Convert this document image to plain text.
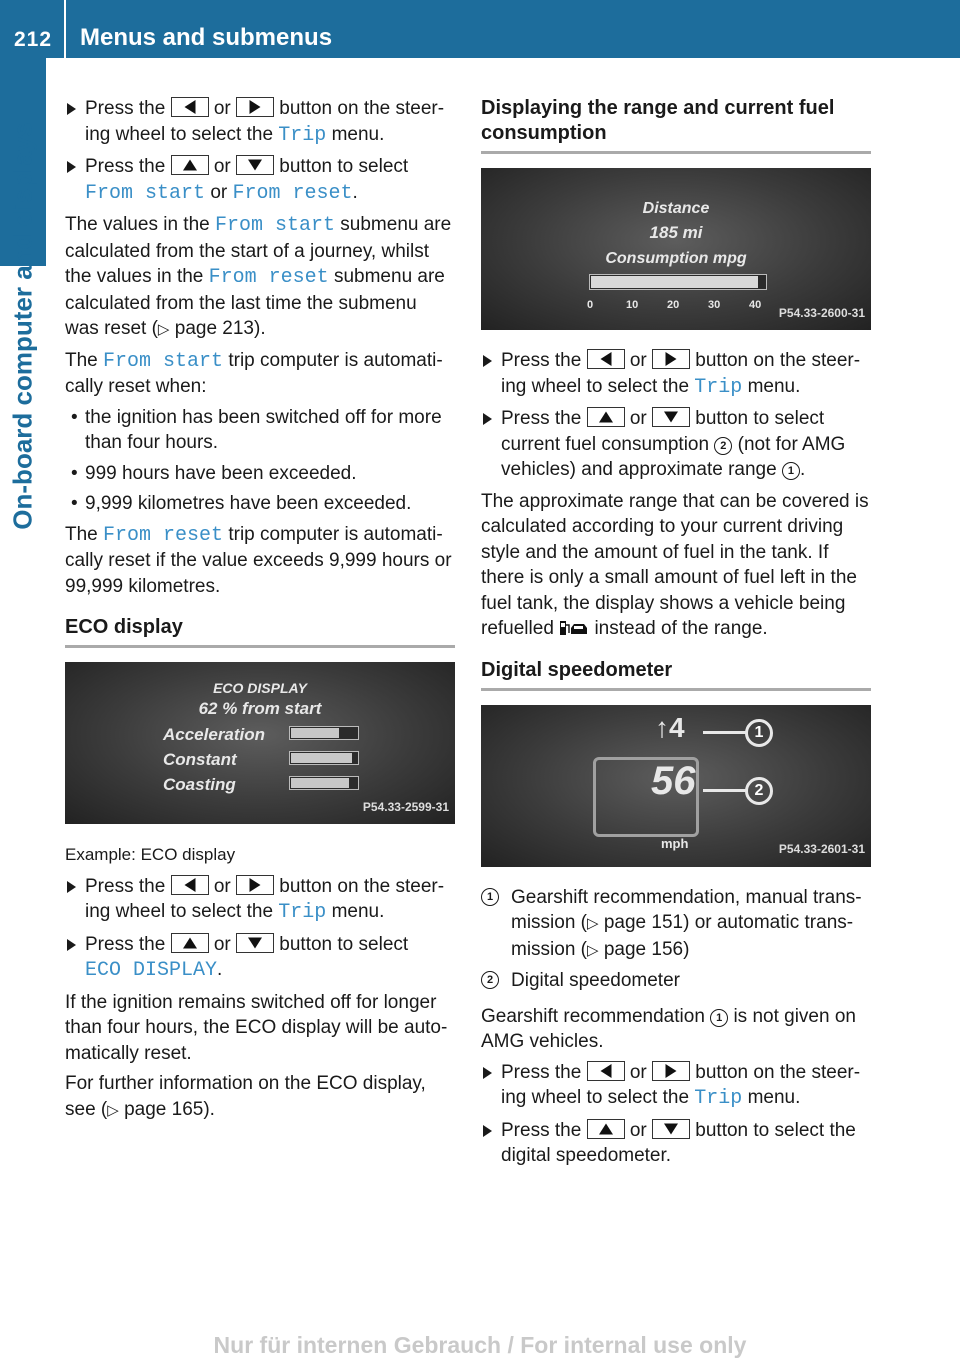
212 Menus and submenus
On-board computer and displays
Press the	or	button on the steer- ing wheel to select the Trip menu.
Press the	or	button to select
From start or From reset.

The values in the From start submenu are calculated from the start of a journey, whilst the values in the From reset submenu are calculated from the last time the submenu was reset (▷ page 213).

The From start trip computer is automati- cally reset when:

• the ignition has been switched off for more than four hours.
• 999 hours have been exceeded.
• 9,999 kilometres have been exceeded.

The From reset trip computer is automati- cally reset if the value exceeds 9,999 hours or 99,999 kilometres.

ECO display
ECO DISPLAY
62 % from start
Acceleration
Constant
Coasting
P54.33-2599-31
Example: ECO display
Press the	or	button on the steer- ing wheel to select the Trip menu.
Press the	or	button to select
ECO DISPLAY.

If the ignition remains switched off for longer than four hours, the ECO display will be auto- matically reset.

For further information on the ECO display, see (▷ page 165).

Displaying the range and current fuel consumption
Distance
185 mi
Consumption mpg
0	10	20	30	40
P54.33-2600-31
Press the	or	button on the steer- ing wheel to select the Trip menu.
Press the	or	button to select current fuel consumption 2 (not for AMG vehicles) and approximate range 1 .

The approximate range that can be covered is calculated according to your current driving style and the amount of fuel in the tank. If there is only a small amount of fuel left in the fuel tank, the display shows a vehicle being refuelled instead of the range.

Digital speedometer
↑4
56
mph
1
2
P54.33-2601-31
1 Gearshift recommendation, manual trans- mission (▷ page 151) or automatic trans- mission (▷ page 156)
2 Digital speedometer

Gearshift recommendation 1 is not given on AMG vehicles.

Press the	or	button on the steer- ing wheel to select the Trip menu.
Press the	or	button to select the digital speedometer.
Nur für internen Gebrauch / For internal use only
